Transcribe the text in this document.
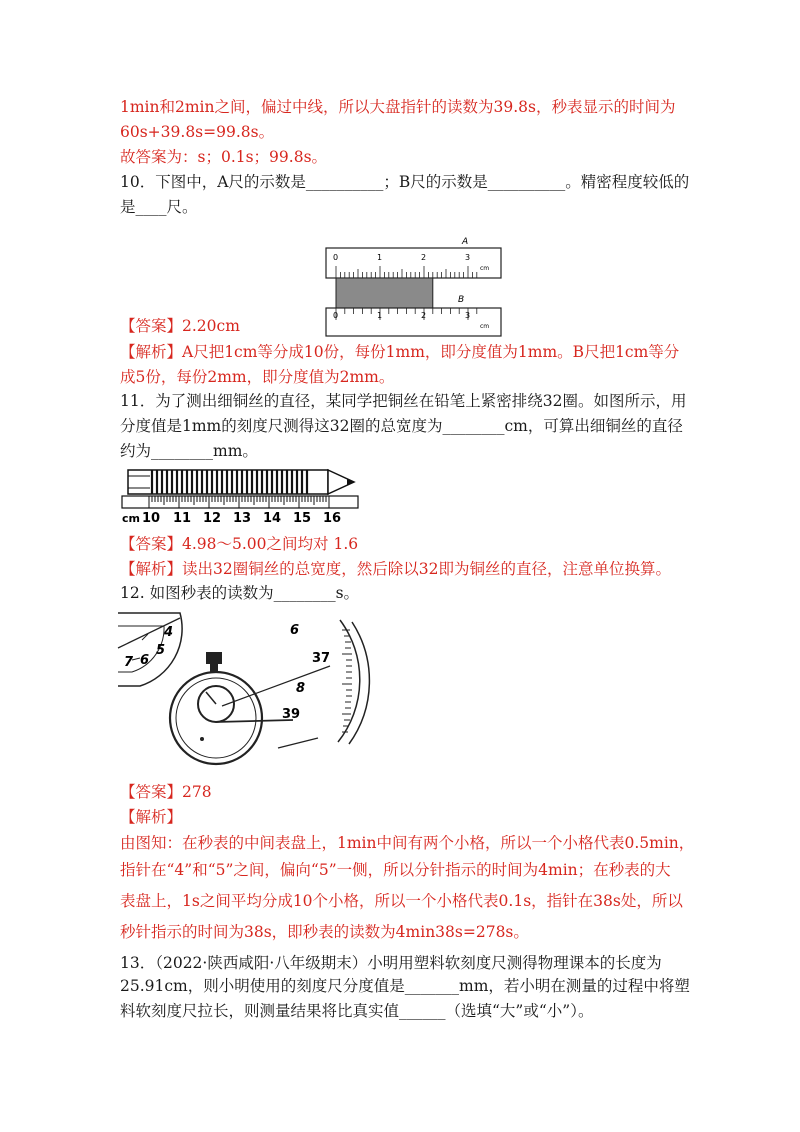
1min和2min之间，偏过中线，所以大盘指针的读数为39.8s，秒表显示的时间为
60s+39.8s=99.8s。
故答案为：s；0.1s；99.8s。
10．下图中，A尺的示数是__________；B尺的示数是__________。精密程度较低的
是____尺。
A
0	1	2	3
cm
B
0	1	2	3
cm
【答案】2.20cm
【解析】A尺把1cm等分成10份，每份1mm，即分度值为1mm。B尺把1cm等分
成5份，每份2mm，即分度值为2mm。
11．为了测出细铜丝的直径，某同学把铜丝在铅笔上紧密排绕32圈。如图所示，用
分度值是1mm的刻度尺测得这32圈的总宽度为________cm，可算出细铜丝的直径
约为________mm。
cm 10 11 12 13 14 15 16
【答案】4.98～5.00之间均对 1.6
【解析】读出32圈铜丝的总宽度，然后除以32即为铜丝的直径，注意单位换算。
12. 如图秒表的读数为________s。
4
5
6
7
6
37
8
39
【答案】278
【解析】
由图知：在秒表的中间表盘上，1min中间有两个小格，所以一个小格代表0.5min，
指针在“4”和“5”之间，偏向“5”一侧，所以分针指示的时间为4min；在秒表的大
表盘上，1s之间平均分成10个小格，所以一个小格代表0.1s，指针在38s处，所以
秒针指示的时间为38s，即秒表的读数为4min38s=278s。
13．（2022·陕西咸阳·八年级期末）小明用塑料软刻度尺测得物理课本的长度为
25.91cm，则小明使用的刻度尺分度值是_______mm，若小明在测量的过程中将塑
料软刻度尺拉长，则测量结果将比真实值______（选填“大”或“小”）。
